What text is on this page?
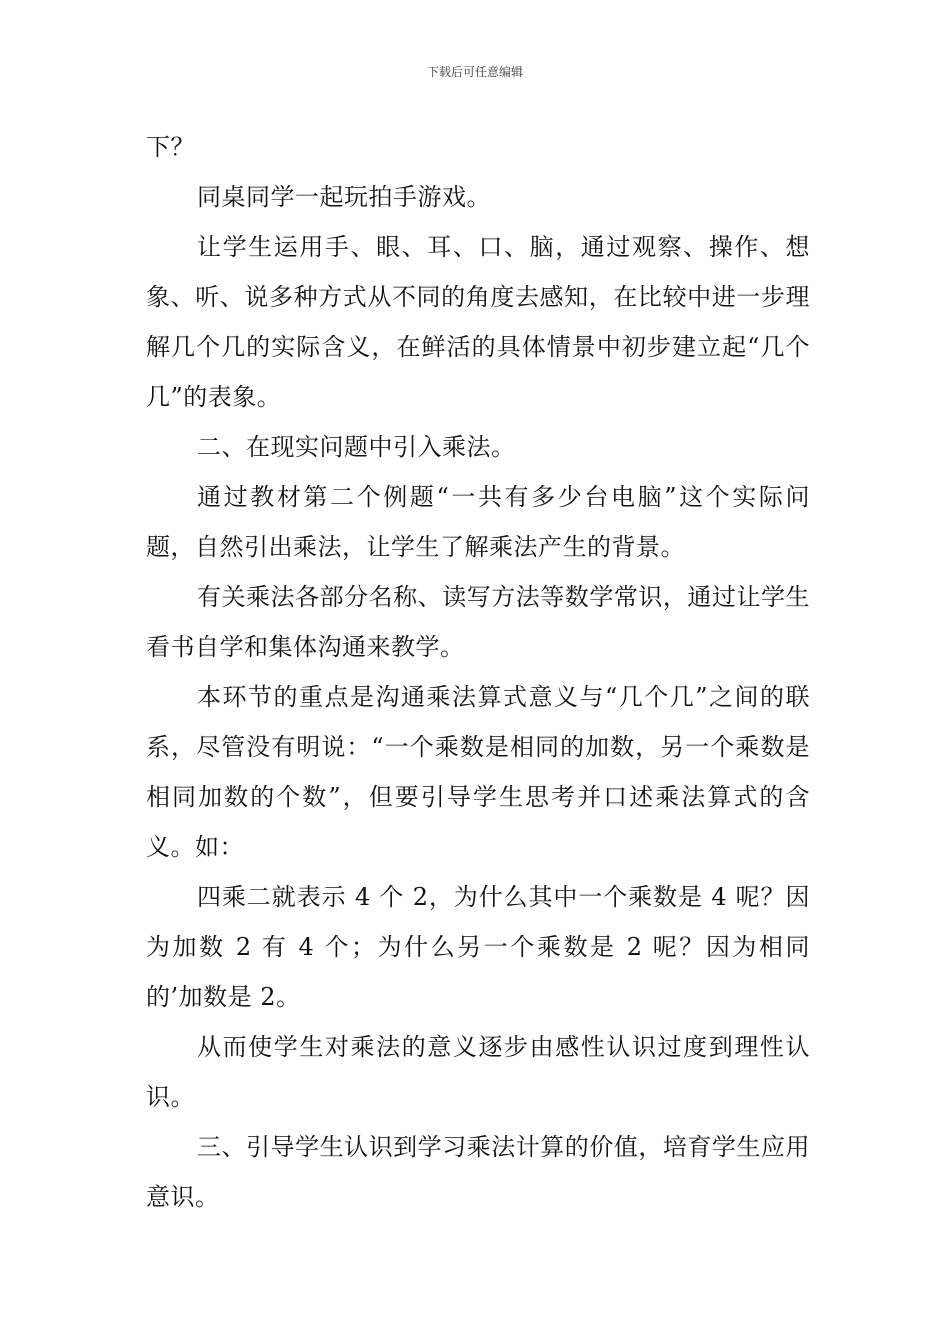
下载后可任意编辑

下？

同桌同学一起玩拍手游戏。

让学生运用手、眼、耳、口、脑，通过观察、操作、想象、听、说多种方式从不同的角度去感知，在比较中进一步理解几个几的实际含义，在鲜活的具体情景中初步建立起“几个几”的表象。

二、在现实问题中引入乘法。

通过教材第二个例题“一共有多少台电脑”这个实际问题，自然引出乘法，让学生了解乘法产生的背景。

有关乘法各部分名称、读写方法等数学常识，通过让学生看书自学和集体沟通来教学。

本环节的重点是沟通乘法算式意义与“几个几”之间的联系，尽管没有明说：“一个乘数是相同的加数，另一个乘数是相同加数的个数”，但要引导学生思考并口述乘法算式的含义。如：

四乘二就表示 4 个 2，为什么其中一个乘数是 4 呢？因为加数 2 有 4 个；为什么另一个乘数是 2 呢？因为相同的’加数是 2。

从而使学生对乘法的意义逐步由感性认识过度到理性认识。

三、引导学生认识到学习乘法计算的价值，培育学生应用意识。
